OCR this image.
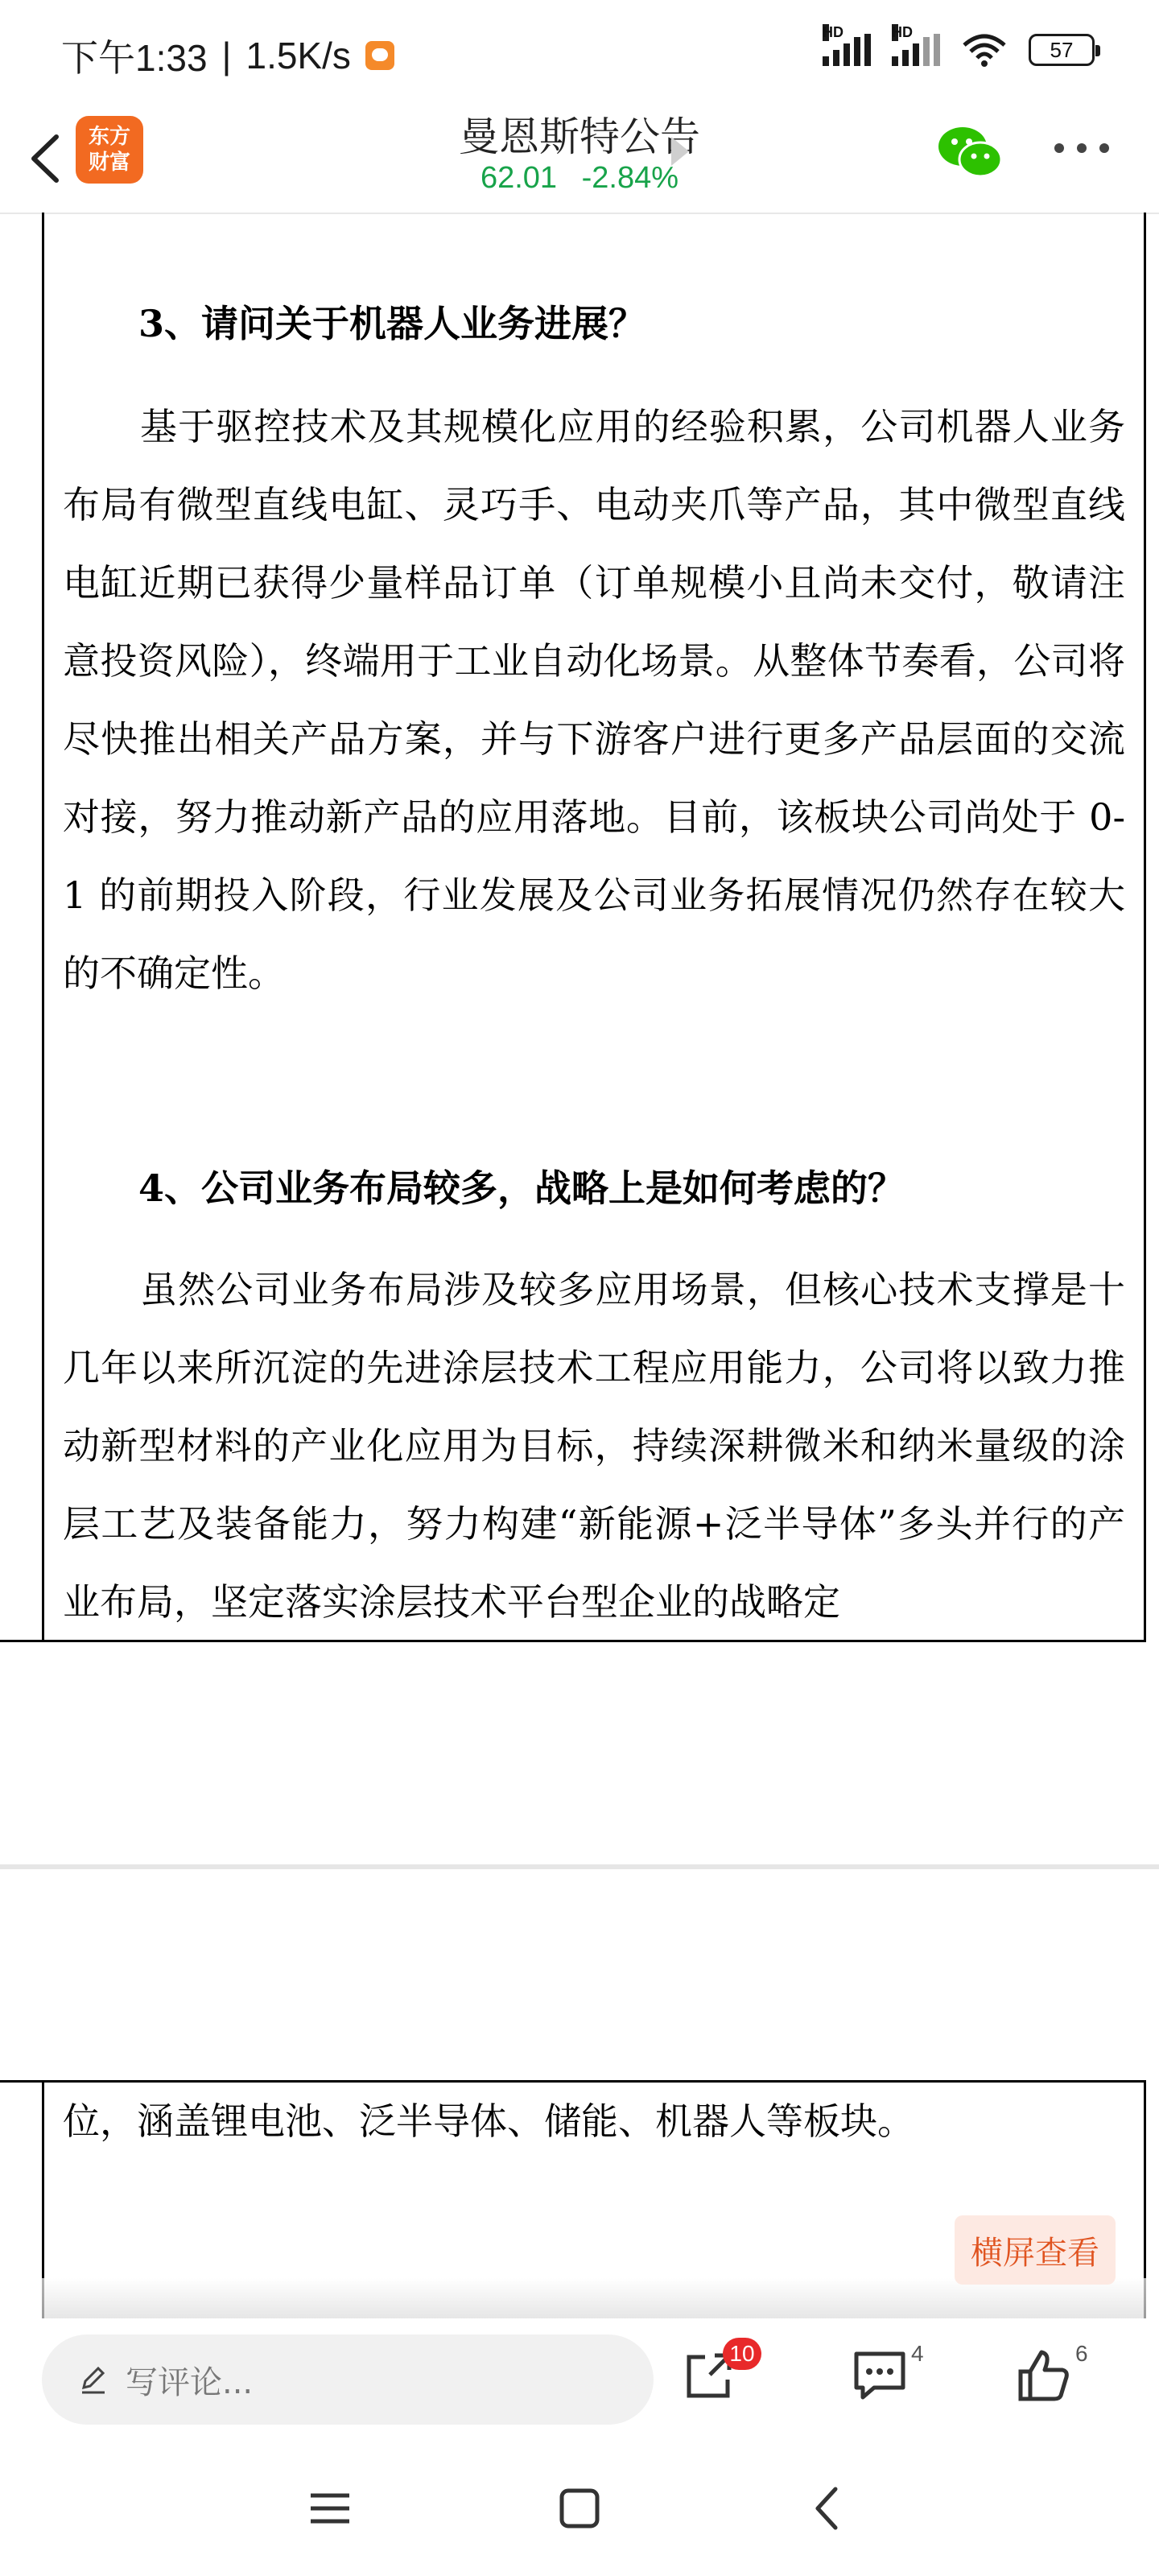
下午1:33 | 1.5K/s
HD	HD
57
东方
财富
曼恩斯特公告
62.01 -2.84%
3、请问关于机器人业务进展？
基于驱控技术及其规模化应用的经验积累，公司机器人业务布局有微型直线电缸、灵巧手、电动夹爪等产品，其中微型直线电缸近期已获得少量样品订单（订单规模小且尚未交付，敬请注意投资风险），终端用于工业自动化场景。从整体节奏看，公司将尽快推出相关产品方案，并与下游客户进行更多产品层面的交流对接，努力推动新产品的应用落地。目前，该板块公司尚处于 0-1 的前期投入阶段，行业发展及公司业务拓展情况仍然存在较大的不确定性。
4、公司业务布局较多，战略上是如何考虑的？
虽然公司业务布局涉及较多应用场景，但核心技术支撑是十几年以来所沉淀的先进涂层技术工程应用能力，公司将以致力推动新型材料的产业化应用为目标，持续深耕微米和纳米量级的涂层工艺及装备能力，努力构建“新能源+泛半导体”多头并行的产业布局，坚定落实涂层技术平台型企业的战略定
位，涵盖锂电池、泛半导体、储能、机器人等板块。
横屏查看
写评论...
10	4	6
